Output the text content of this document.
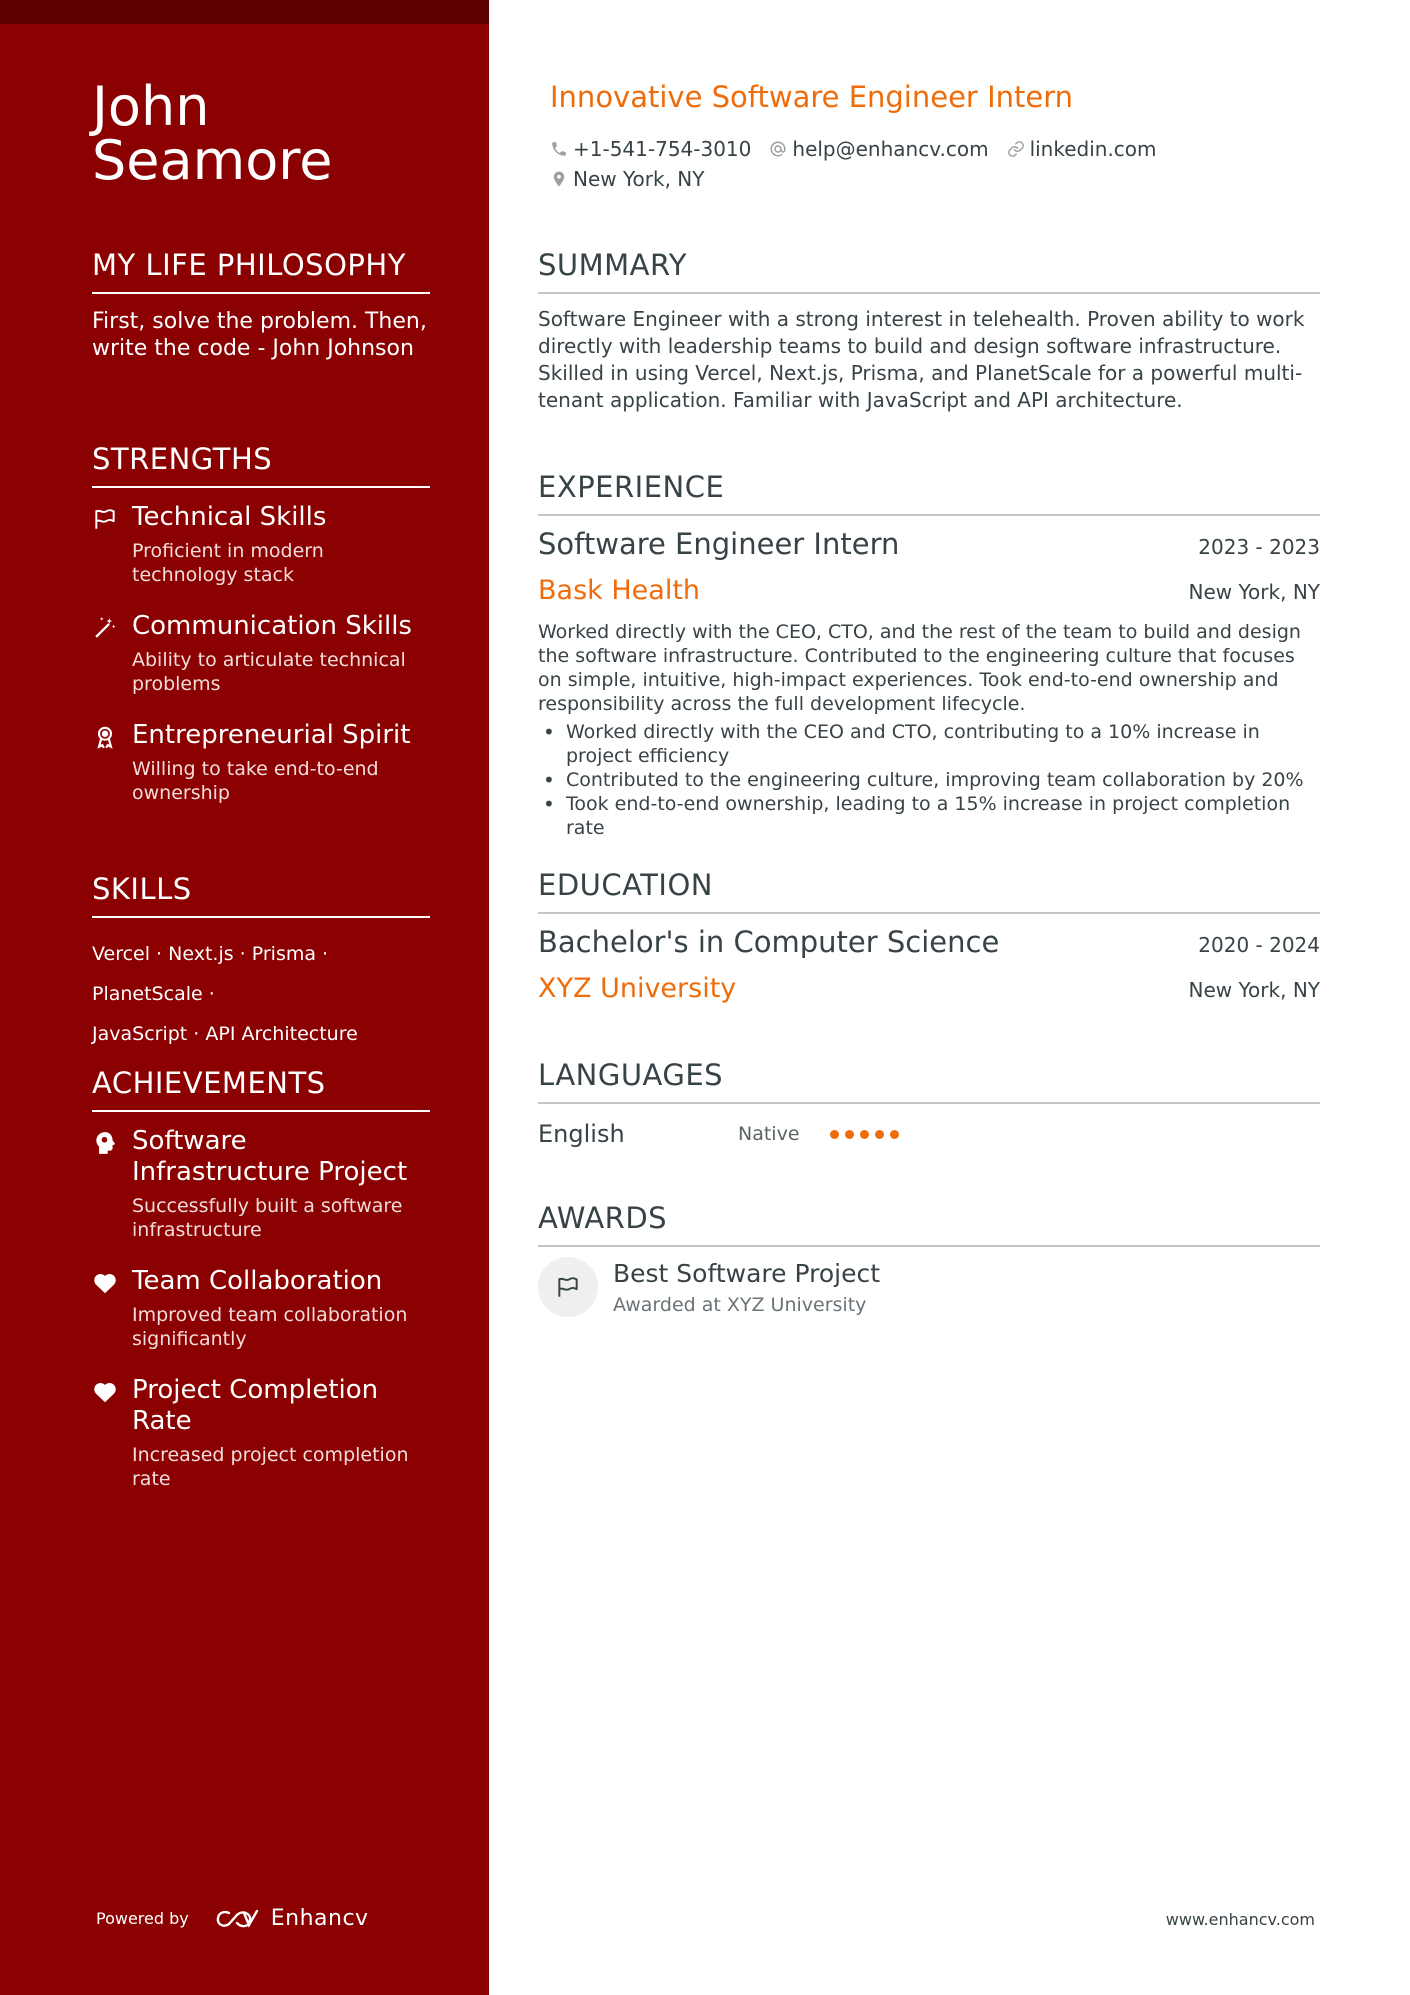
John
Seamore
MY LIFE PHILOSOPHY
First, solve the problem. Then, write the code - John Johnson
STRENGTHS
Technical Skills
Proficient in modern technology stack
Communication Skills
Ability to articulate technical problems
Entrepreneurial Spirit
Willing to take end-to-end ownership
SKILLS
Vercel · Next.js · Prisma · PlanetScale ·
JavaScript · API Architecture
ACHIEVEMENTS
Software Infrastructure Project
Successfully built a software infrastructure
Team Collaboration
Improved team collaboration significantly
Project Completion Rate
Increased project completion rate
Powered by	Enhancv
Innovative Software Engineer Intern
+1-541-754-3010 help@enhancv.com linkedin.com
New York, NY
SUMMARY
Software Engineer with a strong interest in telehealth. Proven ability to work directly with leadership teams to build and design software infrastructure. Skilled in using Vercel, Next.js, Prisma, and PlanetScale for a powerful multi-tenant application. Familiar with JavaScript and API architecture.
EXPERIENCE
Software Engineer Intern	2023 - 2023
Bask Health	New York, NY
Worked directly with the CEO, CTO, and the rest of the team to build and design the software infrastructure. Contributed to the engineering culture that focuses on simple, intuitive, high-impact experiences. Took end-to-end ownership and responsibility across the full development lifecycle.
• Worked directly with the CEO and CTO, contributing to a 10% increase in project efficiency
• Contributed to the engineering culture, improving team collaboration by 20%
• Took end-to-end ownership, leading to a 15% increase in project completion rate
EDUCATION
Bachelor's in Computer Science	2020 - 2024
XYZ University	New York, NY
LANGUAGES
English	Native
AWARDS
Best Software Project
Awarded at XYZ University
www.enhancv.com
